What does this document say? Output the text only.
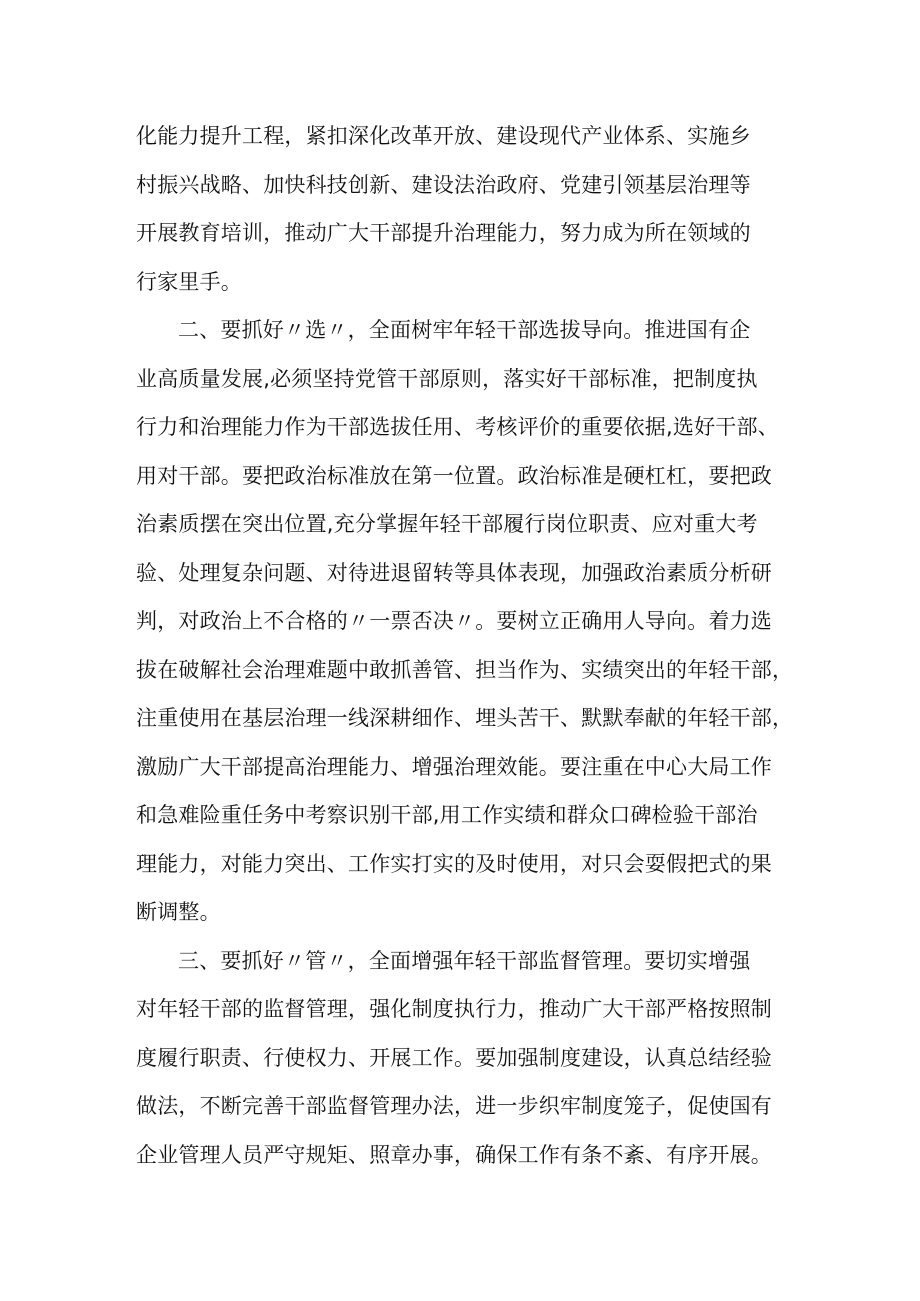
化能力提升工程，紧扣深化改革开放、建设现代产业体系、实施乡
村振兴战略、加快科技创新、建设法治政府、党建引领基层治理等
开展教育培训，推动广大干部提升治理能力，努力成为所在领域的
行家里手。

二、要抓好〃选〃，全面树牢年轻干部选拔导向。推进国有企
业高质量发展,必须坚持党管干部原则，落实好干部标准，把制度执
行力和治理能力作为干部选拔任用、考核评价的重要依据,选好干部、
用对干部。要把政治标准放在第一位置。政治标准是硬杠杠，要把政
治素质摆在突出位置,充分掌握年轻干部履行岗位职责、应对重大考
验、处理复杂问题、对待进退留转等具体表现，加强政治素质分析研
判，对政治上不合格的〃一票否决〃。要树立正确用人导向。着力选
拔在破解社会治理难题中敢抓善管、担当作为、实绩突出的年轻干部，
注重使用在基层治理一线深耕细作、埋头苦干、默默奉献的年轻干部，
激励广大干部提高治理能力、增强治理效能。要注重在中心大局工作
和急难险重任务中考察识别干部,用工作实绩和群众口碑检验干部治
理能力，对能力突出、工作实打实的及时使用，对只会耍假把式的果
断调整。

三、要抓好〃管〃，全面增强年轻干部监督管理。要切实增强
对年轻干部的监督管理，强化制度执行力，推动广大干部严格按照制
度履行职责、行使权力、开展工作。要加强制度建设，认真总结经验
做法，不断完善干部监督管理办法，进一步织牢制度笼子，促使国有
企业管理人员严守规矩、照章办事，确保工作有条不紊、有序开展。
